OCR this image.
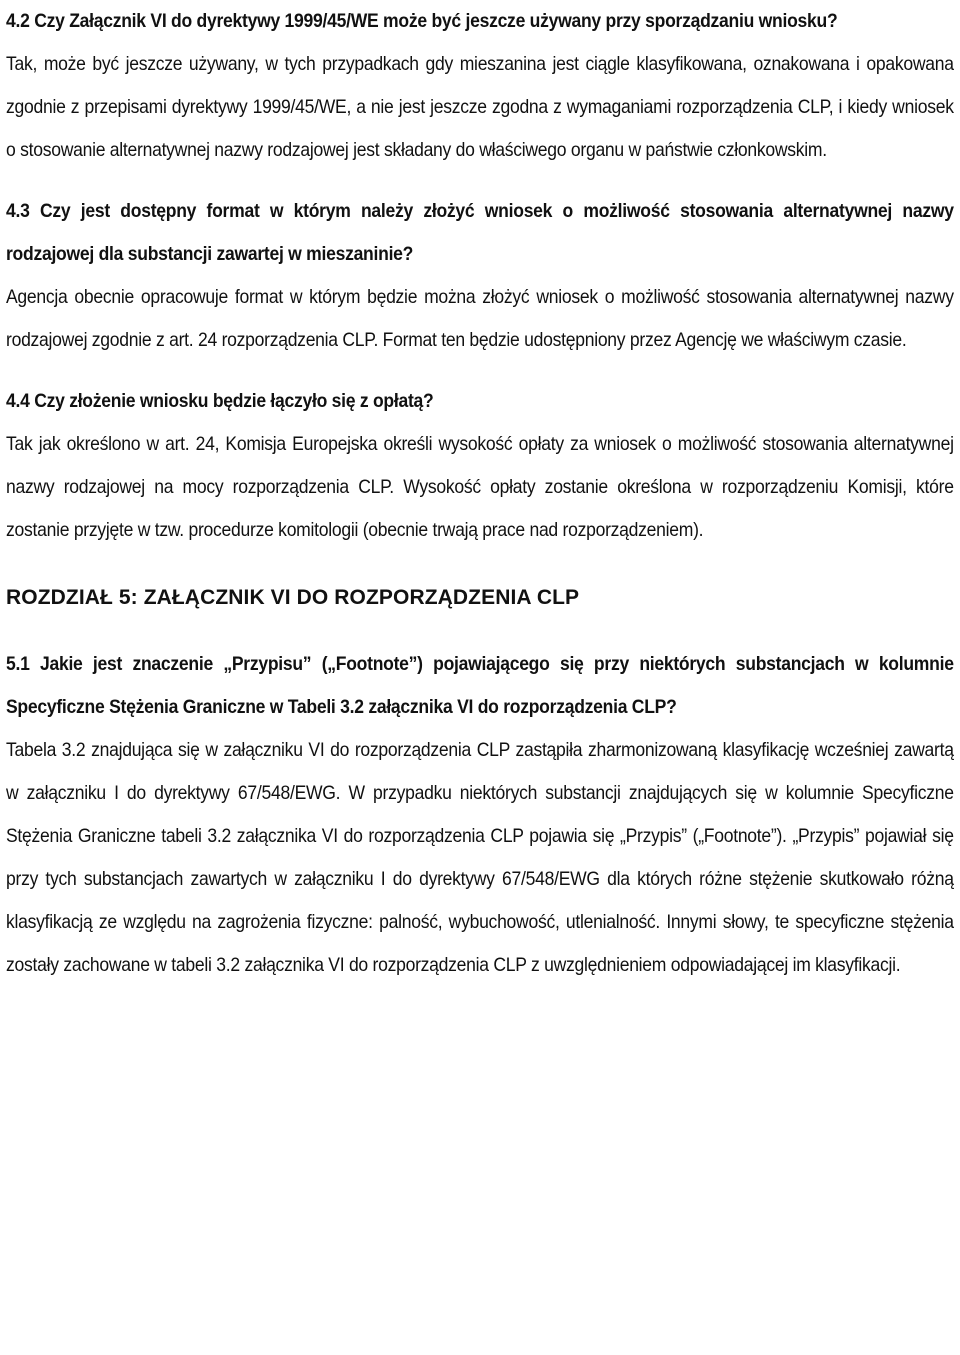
4.2 Czy Załącznik VI do dyrektywy 1999/45/WE może być jeszcze używany przy sporządzaniu wniosku?

Tak, może być jeszcze używany, w tych przypadkach gdy mieszanina jest ciągle klasyfikowana, oznakowana i opakowana zgodnie z przepisami dyrektywy 1999/45/WE, a nie jest jeszcze zgodna z wymaganiami rozporządzenia CLP, i kiedy wniosek o stosowanie alternatywnej nazwy rodzajowej jest składany do właściwego organu w państwie członkowskim.

4.3 Czy jest dostępny format w którym należy złożyć wniosek o możliwość stosowania alternatywnej nazwy rodzajowej dla substancji zawartej w mieszaninie?

Agencja obecnie opracowuje format w którym będzie można złożyć wniosek o możliwość stosowania alternatywnej nazwy rodzajowej zgodnie z art. 24 rozporządzenia CLP. Format ten będzie udostępniony przez Agencję we właściwym czasie.

4.4 Czy złożenie wniosku będzie łączyło się z opłatą?

Tak jak określono w art. 24, Komisja Europejska określi wysokość opłaty za wniosek o możliwość stosowania alternatywnej nazwy rodzajowej na mocy rozporządzenia CLP. Wysokość opłaty zostanie określona w rozporządzeniu Komisji, które zostanie przyjęte w tzw. procedurze komitologii (obecnie trwają prace nad rozporządzeniem).

ROZDZIAŁ 5: ZAŁĄCZNIK VI DO ROZPORZĄDZENIA CLP

5.1 Jakie jest znaczenie „Przypisu” („Footnote”) pojawiającego się przy niektórych substancjach w kolumnie Specyficzne Stężenia Graniczne w Tabeli 3.2 załącznika VI do rozporządzenia CLP?

Tabela 3.2 znajdująca się w załączniku VI do rozporządzenia CLP zastąpiła zharmonizowaną klasyfikację wcześniej zawartą w załączniku I do dyrektywy 67/548/EWG. W przypadku niektórych substancji znajdujących się w kolumnie Specyficzne Stężenia Graniczne tabeli 3.2 załącznika VI do rozporządzenia CLP pojawia się „Przypis” („Footnote”). „Przypis” pojawiał się przy tych substancjach zawartych w załączniku I do dyrektywy 67/548/EWG dla których różne stężenie skutkowało różną klasyfikacją ze względu na zagrożenia fizyczne: palność, wybuchowość, utlenialność. Innymi słowy, te specyficzne stężenia zostały zachowane w tabeli 3.2 załącznika VI do rozporządzenia CLP z uwzględnieniem odpowiadającej im klasyfikacji.
